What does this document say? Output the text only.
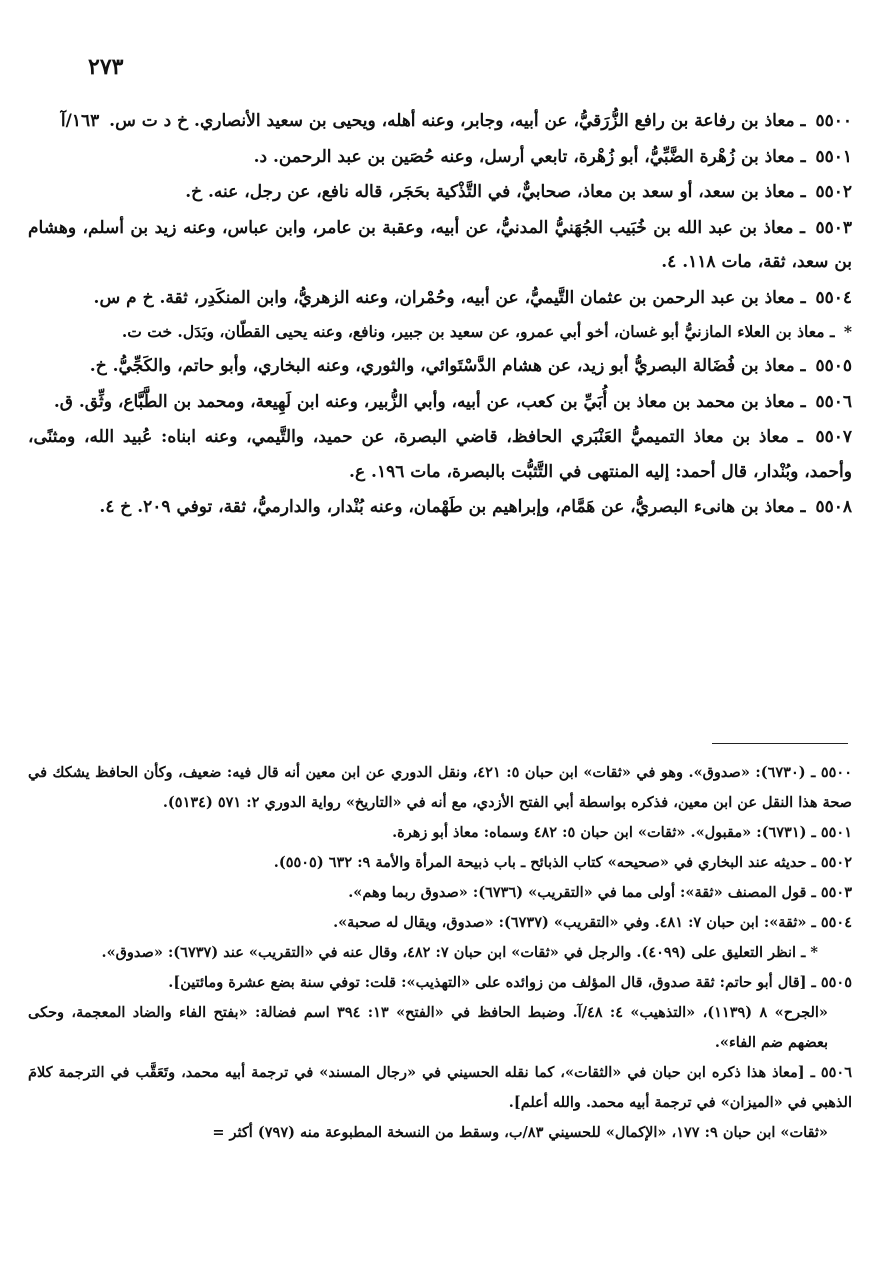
٢٧٣

٥٥٠٠ ـ معاذ بن رفاعة بن رافع الزُّرَقيُّ، عن أبيه، وجابر، وعنه أهله، ويحيى بن سعيد الأنصاري. خ د ت س. ١٦٣/آ

٥٥٠١ ـ معاذ بن زُهْرة الضَّبِّيُّ، أبو زُهْرة، تابعي أرسل، وعنه حُصَين بن عبد الرحمن. د.

٥٥٠٢ ـ معاذ بن سعد، أو سعد بن معاذ، صحابيٌّ، في التَّذْكية بحَجَر، قاله نافع، عن رجل، عنه. خ.

٥٥٠٣ ـ معاذ بن عبد الله بن خُبَيب الجُهَنيُّ المدنيُّ، عن أبيه، وعقبة بن عامر، وابن عباس، وعنه زيد بن أسلم، وهشام بن سعد، ثقة، مات ١١٨. ٤.

٥٥٠٤ ـ معاذ بن عبد الرحمن بن عثمان التَّيميُّ، عن أبيه، وحُمْران، وعنه الزهريُّ، وابن المنكَدِر، ثقة. خ م س.

* ـ معاذ بن العلاء المازنيُّ أبو غسان، أخو أبي عمرو، عن سعيد بن جبير، ونافع، وعنه يحيى القطّان، وبَدَل. خت ت.

٥٥٠٥ ـ معاذ بن فُضَالة البصريُّ أبو زيد، عن هشام الدَّسْتَوائي، والثوري، وعنه البخاري، وأبو حاتم، والكَجِّيُّ. خ.

٥٥٠٦ ـ معاذ بن محمد بن معاذ بن أُبَيِّ بن كعب، عن أبيه، وأبي الزُّبير، وعنه ابن لَهِيعة، ومحمد بن الطَّبَّاع، وثِّق. ق.

٥٥٠٧ ـ معاذ بن معاذ التميميُّ العَنْبَري الحافظ، قاضي البصرة، عن حميد، والتَّيمي، وعنه ابناه: عُبيد الله، ومثنًى، وأحمد، وبُنْدار، قال أحمد: إليه المنتهى في التَّثبُّت بالبصرة، مات ١٩٦. ع.

٥٥٠٨ ـ معاذ بن هانىء البصريُّ، عن هَمَّام، وإبراهيم بن طَهْمان، وعنه بُنْدار، والدارميُّ، ثقة، توفي ٢٠٩. خ ٤.

٥٥٠٠ ـ (٦٧٣٠): «صدوق». وهو في «ثقات» ابن حبان ٥: ٤٢١، ونقل الدوري عن ابن معين أنه قال فيه: ضعيف، وكأن الحافظ يشكك في صحة هذا النقل عن ابن معين، فذكره بواسطة أبي الفتح الأزدي، مع أنه في «التاريخ» رواية الدوري ٢: ٥٧١ (٥١٣٤).

٥٥٠١ ـ (٦٧٣١): «مقبول». «ثقات» ابن حبان ٥: ٤٨٢ وسماه: معاذ أبو زهرة.

٥٥٠٢ ـ حديثه عند البخاري في «صحيحه» كتاب الذبائح ـ باب ذبيحة المرأة والأمة ٩: ٦٣٢ (٥٥٠٥).

٥٥٠٣ ـ قول المصنف «ثقة»: أولى مما في «التقريب» (٦٧٣٦): «صدوق ربما وهم».

٥٥٠٤ ـ «ثقة»: ابن حبان ٧: ٤٨١. وفي «التقريب» (٦٧٣٧): «صدوق، ويقال له صحبة».

* ـ انظر التعليق على (٤٠٩٩). والرجل في «ثقات» ابن حبان ٧: ٤٨٢، وقال عنه في «التقريب» عند (٦٧٣٧): «صدوق».

٥٥٠٥ ـ [قال أبو حاتم: ثقة صدوق، قال المؤلف من زوائده على «التهذيب»: قلت: توفي سنة بضع عشرة ومائتين].

«الجرح» ٨ (١١٣٩)، «التذهيب» ٤: ٤٨/آ. وضبط الحافظ في «الفتح» ١٣: ٣٩٤ اسم فضالة: «بفتح الفاء والضاد المعجمة، وحكى بعضهم ضم الفاء».

٥٥٠٦ ـ [معاذ هذا ذكره ابن حبان في «الثقات»، كما نقله الحسيني في «رجال المسند» في ترجمة أبيه محمد، وتَعَقَّب في الترجمة كلامَ الذهبي في «الميزان» في ترجمة أبيه محمد. والله أعلم].

«ثقات» ابن حبان ٩: ١٧٧، «الإكمال» للحسيني ٨٣/ب، وسقط من النسخة المطبوعة منه (٧٩٧) أكثر =
